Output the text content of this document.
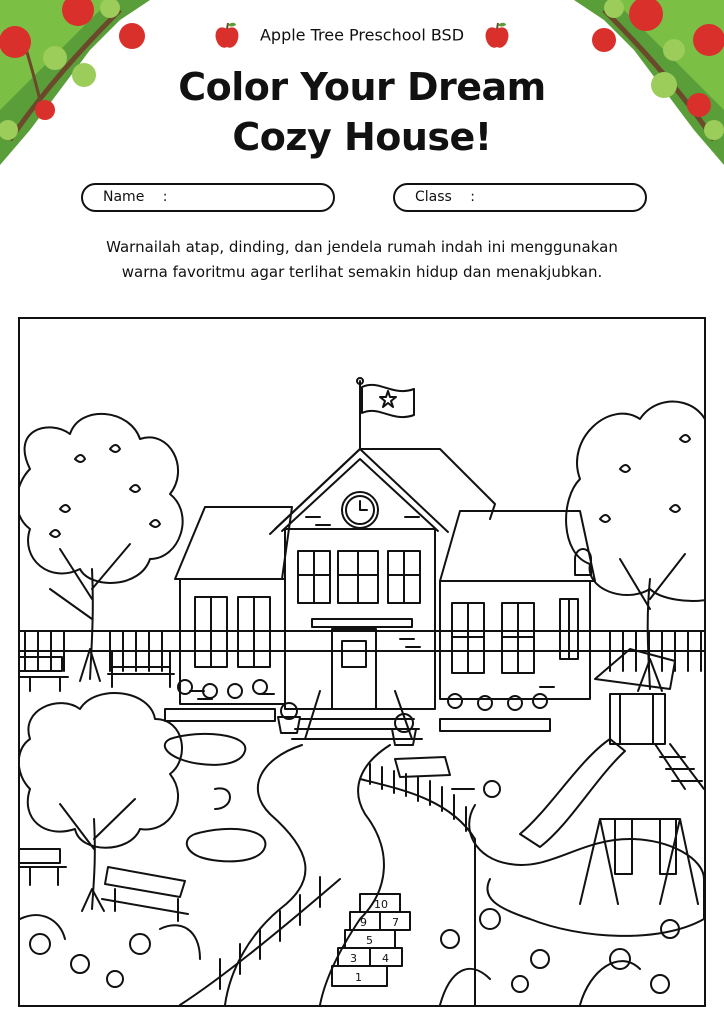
Apple Tree Preschool BSD
Color Your Dream
Cozy House!
Name :	Class :
Warnailah atap, dinding, dan jendela rumah indah ini menggunakan
warna favoritmu agar terlihat semakin hidup dan menakjubkan.
10
9 7
5
3 4
1
